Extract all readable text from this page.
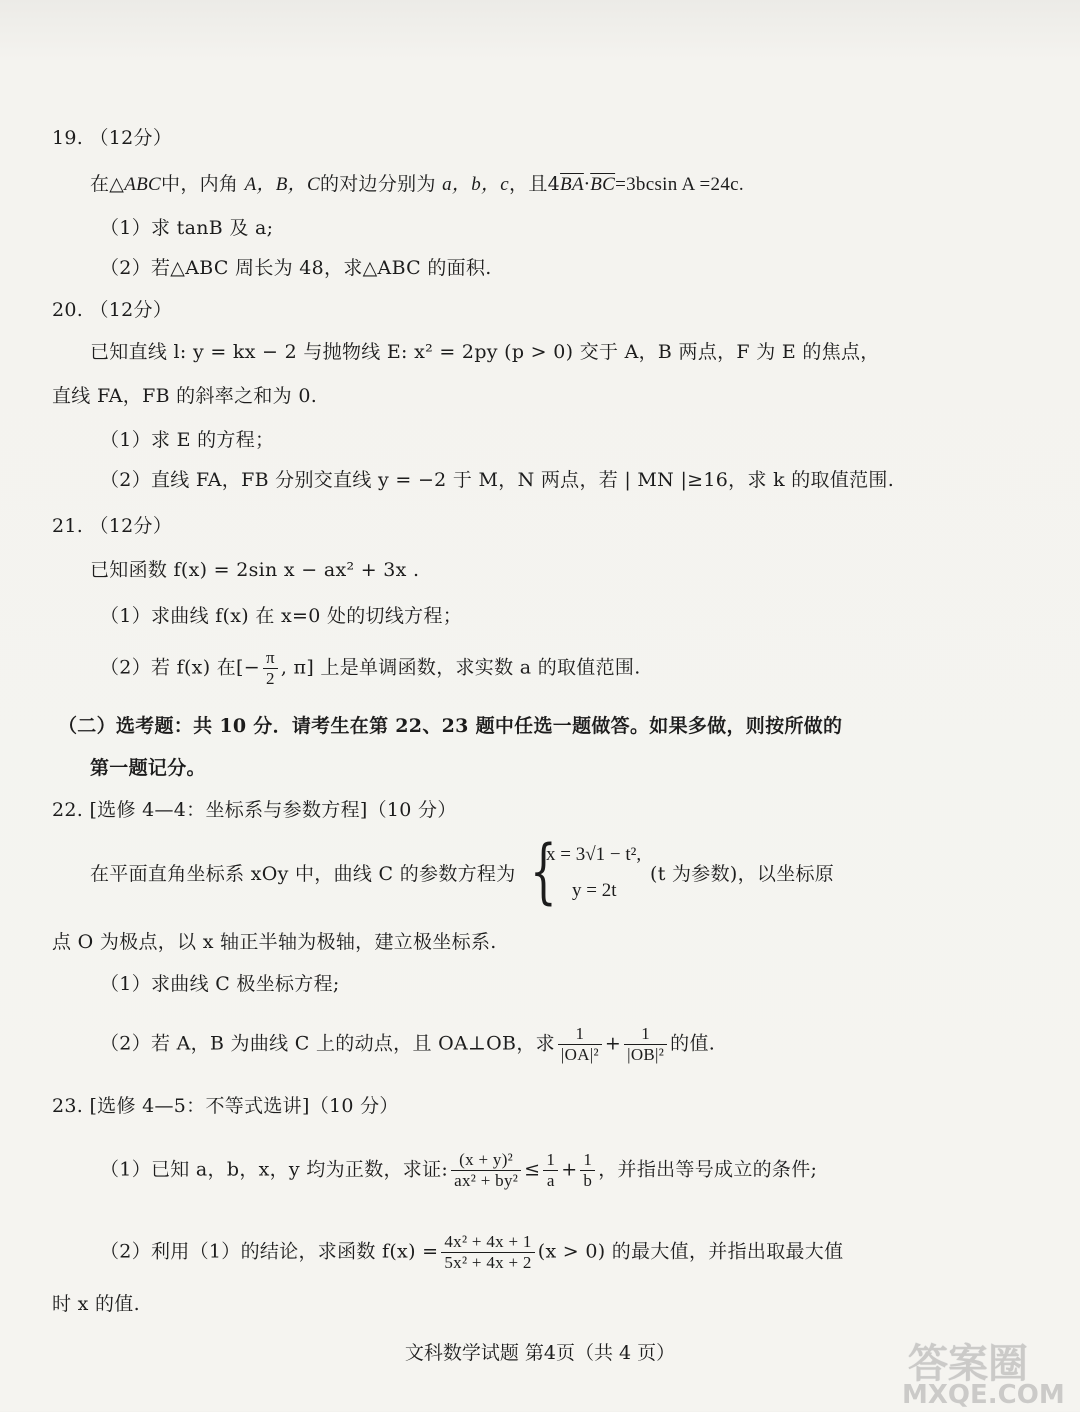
19. （12分）
在△ABC中，内角 A，B，C的对边分别为 a，b，c，且$4\overline{BA}\cdot\overline{BC}=3bcsin$ A =24c.
（1）求 tanB 及 a;
（2）若△ABC 周长为 48，求△ABC 的面积.
20. （12分）
已知直线 l: y = kx − 2 与抛物线 E: x² = 2py (p > 0) 交于 A，B 两点，F 为 E 的焦点，
直线 FA，FB 的斜率之和为 0.
（1）求 E 的方程；
（2）直线 FA，FB 分别交直线 y = −2 于 M，N 两点，若 | MN |≥16，求 k 的取值范围.
21. （12分）
已知函数 f(x) = 2sin x − ax² + 3x .
（1）求曲线 f(x) 在 x=0 处的切线方程；
（2）若 f(x) 在[− $\frac{\pi}{2}$ , π] 上是单调函数，求实数 a 的取值范围.
（二）选考题：共 10 分．请考生在第 22、23 题中任选一题做答。如果多做，则按所做的
第一题记分。
22. [选修 4—4：坐标系与参数方程]（10 分）
在平面直角坐标系 xOy 中，曲线 C 的参数方程为 {
x = 3√1 − t²,
y = 2t
(t 为参数)，以坐标原
点 O 为极点，以 x 轴正半轴为极轴，建立极坐标系.
（1）求曲线 C 极坐标方程;
（2）若 A，B 为曲线 C 上的动点，且 OA⊥OB，求 $\frac{1}{\text{|OA|²}} + \frac{1}{\text{|OB|²}}$ 的值.
23. [选修 4—5：不等式选讲]（10 分）
（1）已知 a，b，x，y 均为正数，求证: $\frac{\text{(x + y)²}}{\text{ax² + by²}} \le \frac{1}{a} + \frac{1}{b}$ ，并指出等号成立的条件;
（2）利用（1）的结论，求函数 $f(x) = \frac{\text{4x² + 4x + 1}}{\text{5x² + 4x + 2}} (x > 0)$ 的最大值，并指出取最大值
时 x 的值.
文科数学试题 第4页（共 4 页）	答案圈
MXQE.COM
